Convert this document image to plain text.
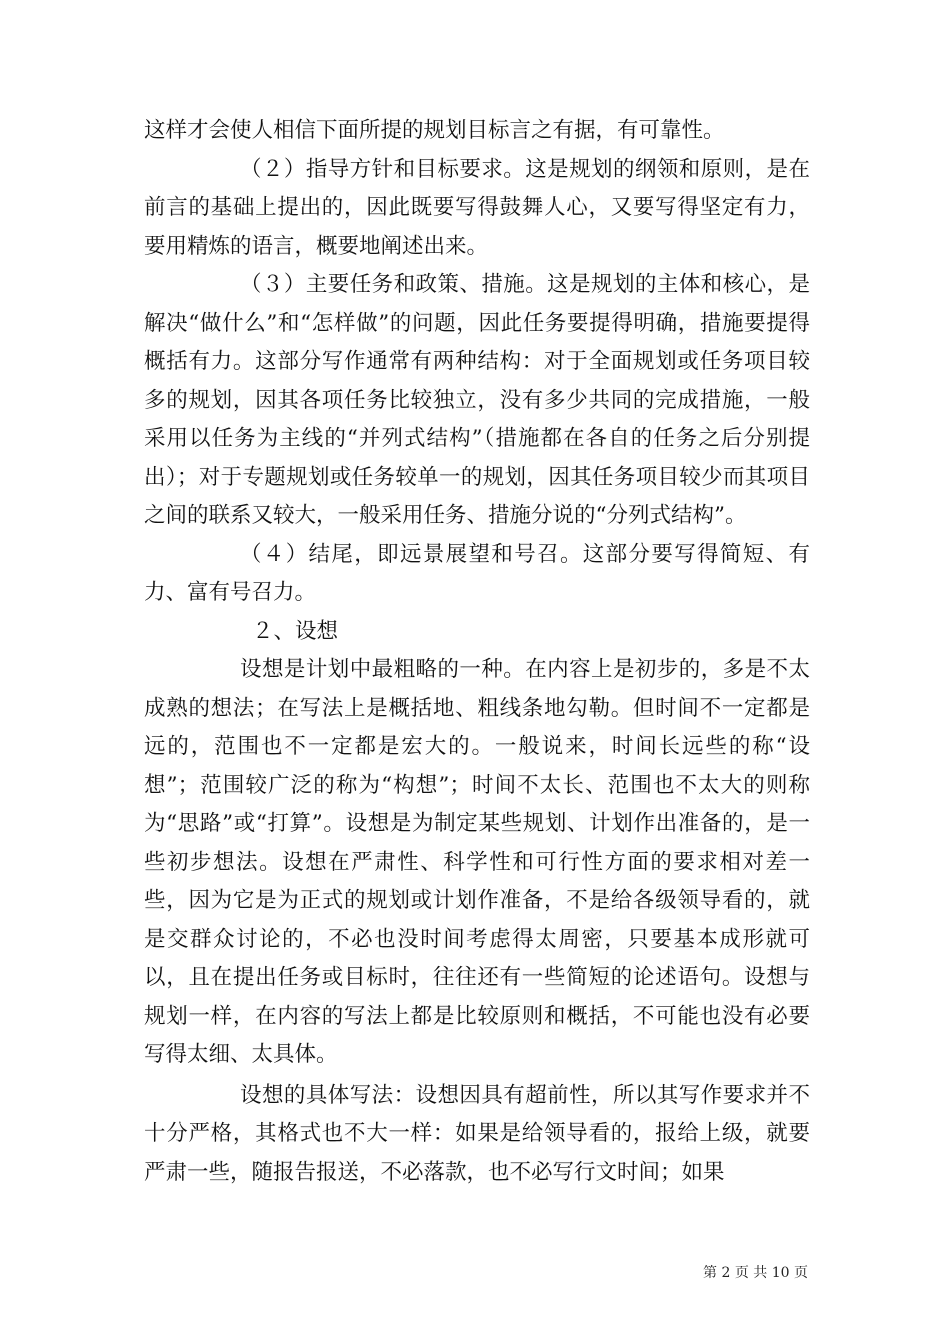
这样才会使人相信下面所提的规划目标言之有据，有可靠性。

（２）指导方针和目标要求。这是规划的纲领和原则，是在前言的基础上提出的，因此既要写得鼓舞人心，又要写得坚定有力，要用精炼的语言，概要地阐述出来。

（３）主要任务和政策、措施。这是规划的主体和核心，是解决“做什么”和“怎样做”的问题，因此任务要提得明确，措施要提得概括有力。这部分写作通常有两种结构：对于全面规划或任务项目较多的规划，因其各项任务比较独立，没有多少共同的完成措施，一般采用以任务为主线的“并列式结构”（措施都在各自的任务之后分别提出）；对于专题规划或任务较单一的规划，因其任务项目较少而其项目之间的联系又较大，一般采用任务、措施分说的“分列式结构”。

（４）结尾，即远景展望和号召。这部分要写得简短、有力、富有号召力。

２、设想

设想是计划中最粗略的一种。在内容上是初步的，多是不太成熟的想法；在写法上是概括地、粗线条地勾勒。但时间不一定都是远的，范围也不一定都是宏大的。一般说来，时间长远些的称“设想”；范围较广泛的称为“构想”；时间不太长、范围也不太大的则称为“思路”或“打算”。设想是为制定某些规划、计划作出准备的，是一些初步想法。设想在严肃性、科学性和可行性方面的要求相对差一些，因为它是为正式的规划或计划作准备，不是给各级领导看的，就是交群众讨论的，不必也没时间考虑得太周密，只要基本成形就可以，且在提出任务或目标时，往往还有一些简短的论述语句。设想与规划一样，在内容的写法上都是比较原则和概括，不可能也没有必要写得太细、太具体。

设想的具体写法：设想因具有超前性，所以其写作要求并不十分严格，其格式也不大一样：如果是给领导看的，报给上级，就要严肃一些，随报告报送，不必落款，也不必写行文时间；如果

第 2 页 共 10 页
